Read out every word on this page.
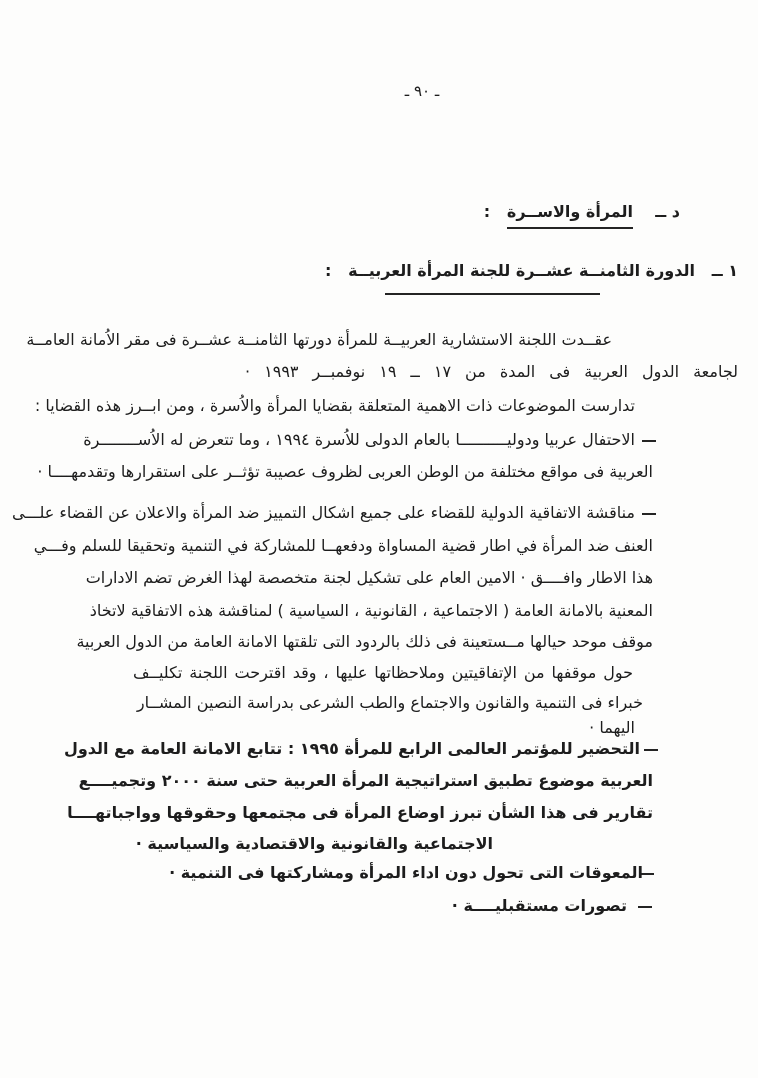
ـ ٩٠ ـ
د ــ    المرأة والاســرة   :
١ ــ   الدورة الثامنــة عشــرة للجنة المرأة العربيــة   :
عقــدت اللجنة الاستشارية العربيــة للمرأة دورتها الثامنــة عشــرة فى مقر الاُمانة العامــة
لجامعة الدول العربية فى المدة من ١٧ ــ ١٩ نوفمبــر ١٩٩٣ ·
تدارست الموضوعات ذات الاهمية المتعلقة بقضايا المرأة والاُسرة ، ومن ابــرز هذه القضايا :
الاحتفال عربيا ودوليــــــــــا بالعام الدولى للاُسرة ١٩٩٤ ، وما تتعرض له الاُســــــــرة
العربية فى مواقع مختلفة من الوطن العربى لظروف عصيبة تؤثــر على استقرارها وتقدمهــــا ·
مناقشة الاتفاقية الدولية للقضاء على جميع اشكال التمييز ضد المرأة والاعلان عن القضاء علـــى
العنف ضد المرأة في اطار قضية المساواة ودفعهــا للمشاركة في التنمية وتحقيقا للسلم وفـــي
هذا الاطار وافــــق · الامين العام على تشكيل لجنة متخصصة لهذا الغرض تضم الادارات
المعنية بالامانة العامة ( الاجتماعية ، القانونية ، السياسية ) لمناقشة هذه الاتفاقية لاتخاذ
موقف موحد حيالها مــستعينة فى ذلك بالردود التى تلقتها الامانة العامة من الدول العربية
حول موقفها من الإتفاقيتين وملاحظاتها عليها ، وقد اقترحت اللجنة تكليــف
خبراء فى التنمية والقانون والاجتماع والطب الشرعى بدراسة النصين المشــار
اليهما ·
التحضير للمؤتمر العالمى الرابع للمرأة ١٩٩٥ : تتابع الامانة العامة مع الدول
العربية موضوع تطبيق استراتيجية المرأة العربية حتى سنة ٢٠٠٠ وتجميــــع
تقارير فى هذا الشأن تبرز اوضاع المرأة فى مجتمعها وحقوقها وواجباتهــــا
الاجتماعية والقانونية والاقتصادية والسياسية ·
المعوقات التى تحول دون اداء المرأة ومشاركتها فى التنمية ·
تصورات مستقبليــــة ·
